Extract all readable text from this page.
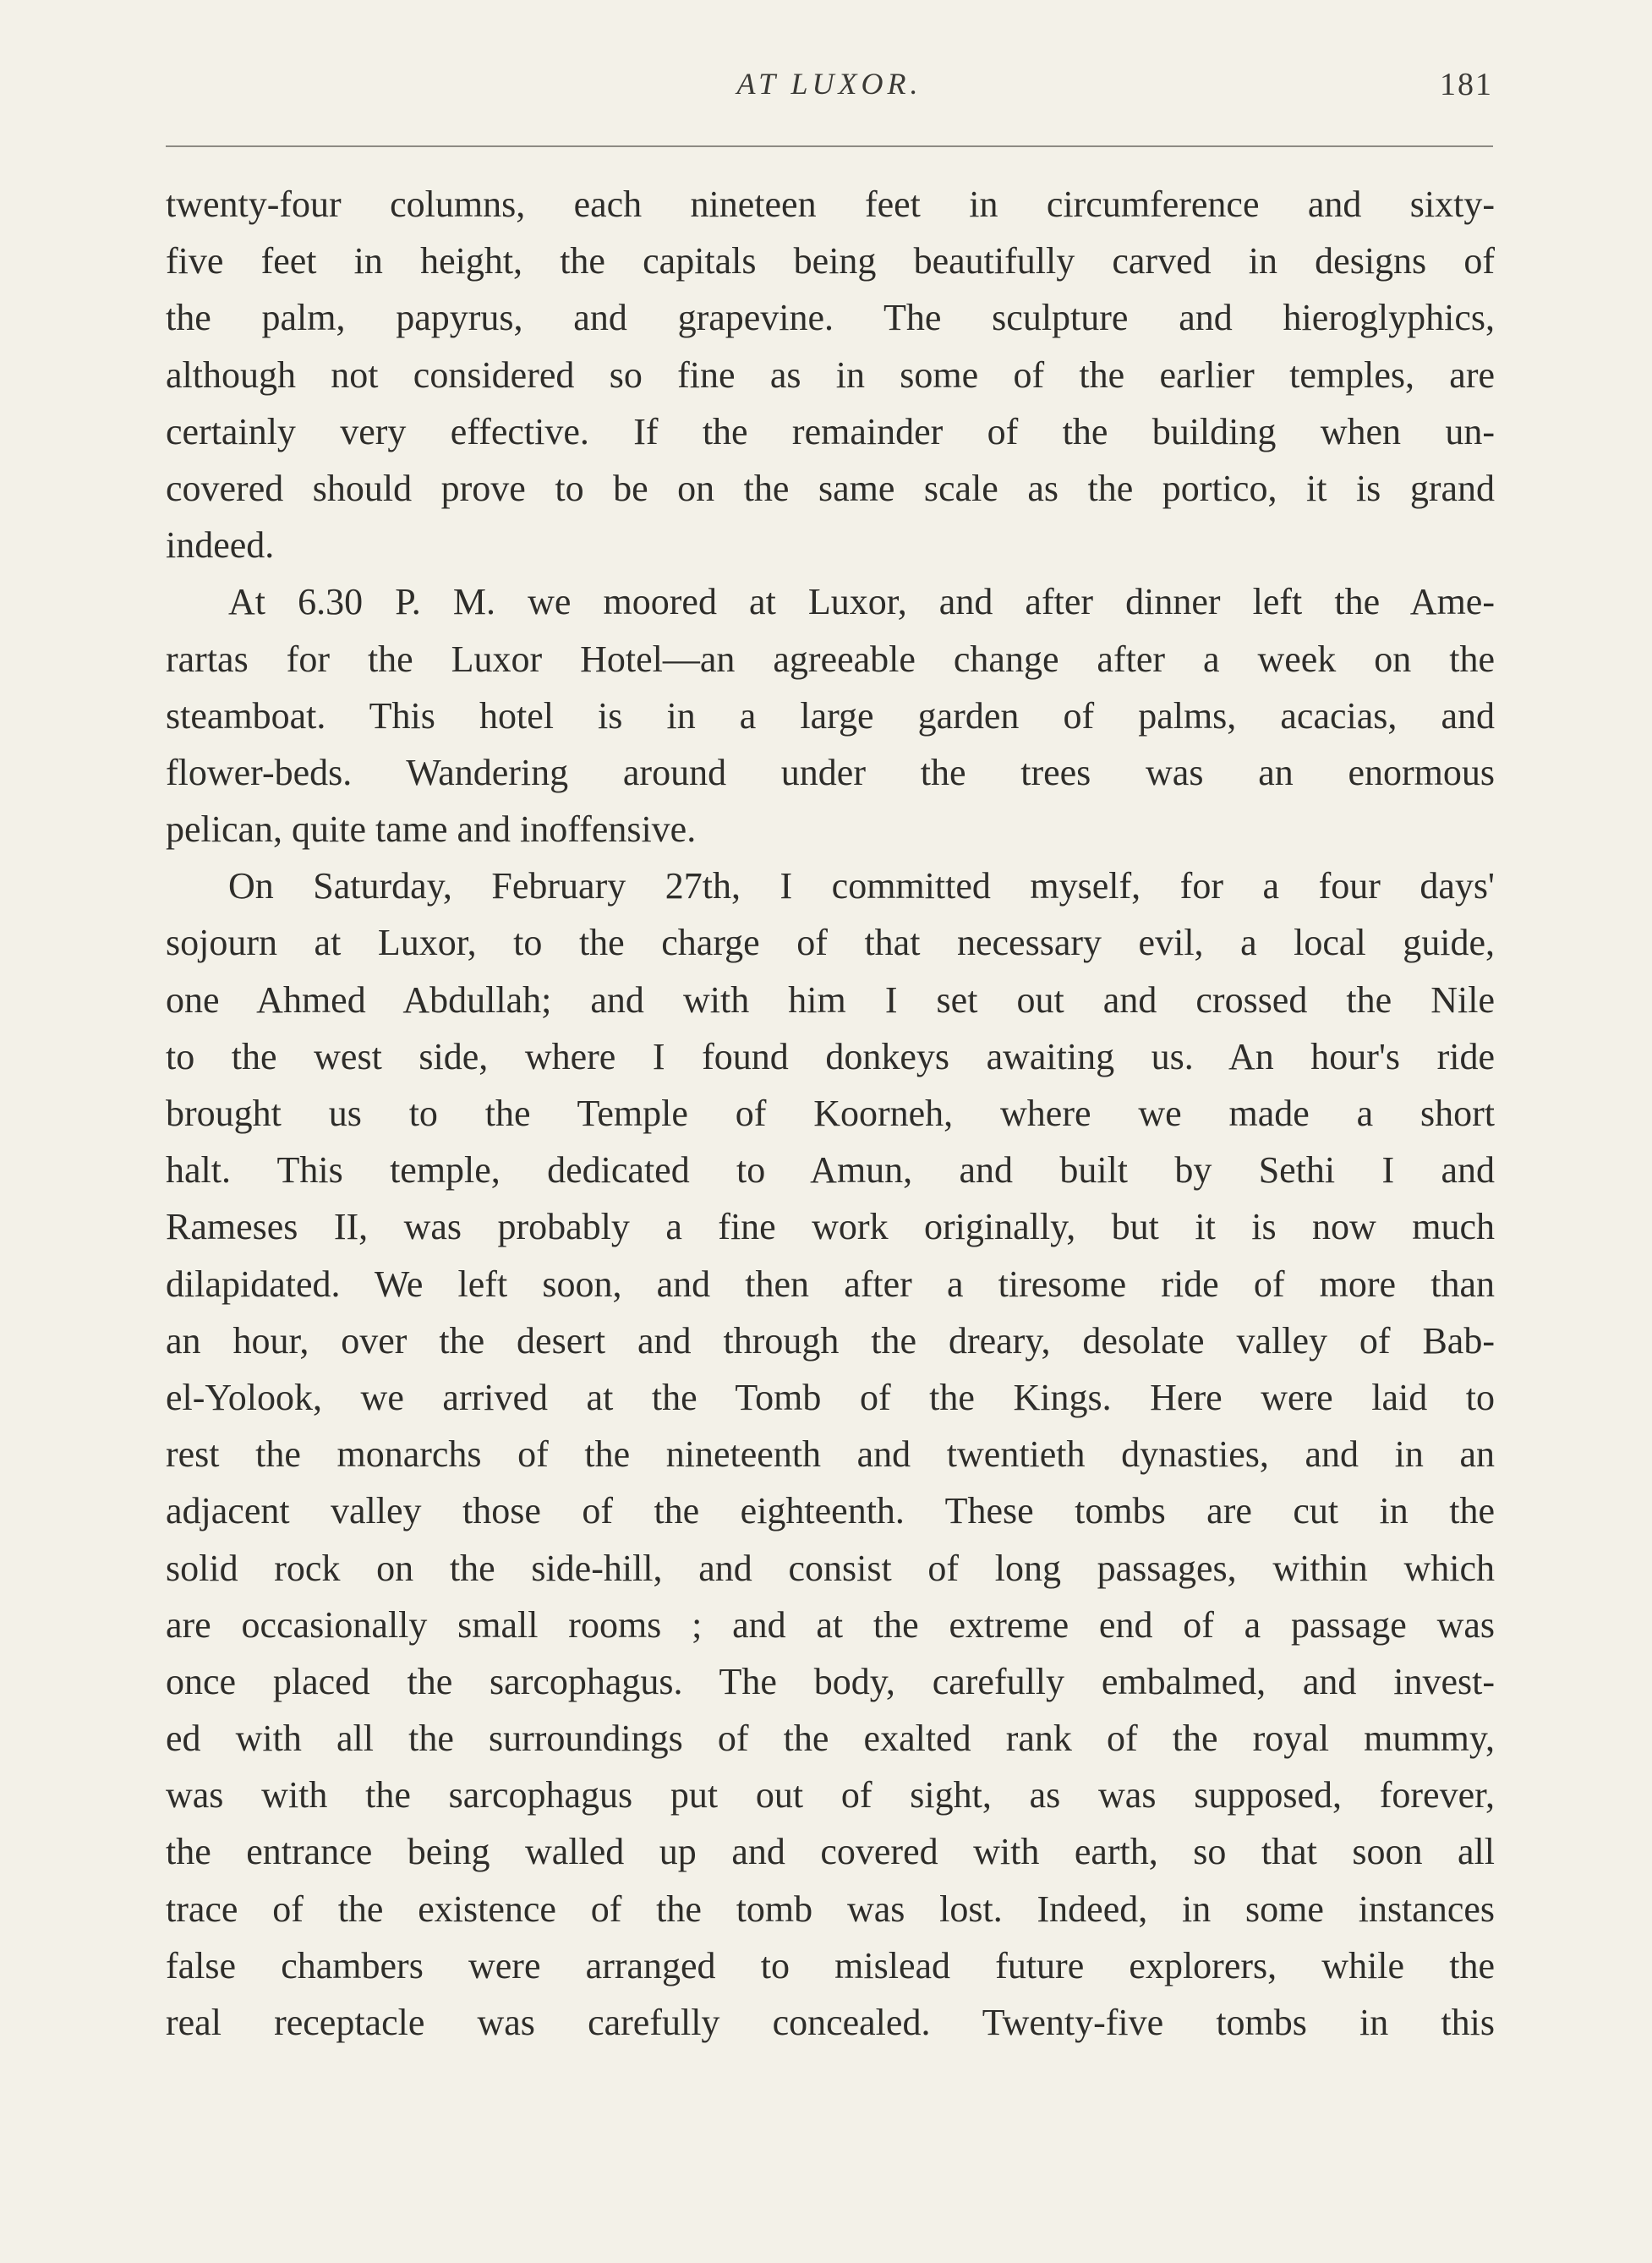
AT LUXOR.	181
twenty-four columns, each nineteen feet in circumference and sixty-
five feet in height, the capitals being beautifully carved in designs of
the palm, papyrus, and grapevine. The sculpture and hieroglyphics,
although not considered so fine as in some of the earlier temples, are
certainly very effective. If the remainder of the building when un-
covered should prove to be on the same scale as the portico, it is grand
indeed.
At 6.30 P. M. we moored at Luxor, and after dinner left the Ame-
rartas for the Luxor Hotel—an agreeable change after a week on the
steamboat. This hotel is in a large garden of palms, acacias, and
flower-beds. Wandering around under the trees was an enormous
pelican, quite tame and inoffensive.
On Saturday, February 27th, I committed myself, for a four days'
sojourn at Luxor, to the charge of that necessary evil, a local guide,
one Ahmed Abdullah; and with him I set out and crossed the Nile
to the west side, where I found donkeys awaiting us. An hour's ride
brought us to the Temple of Koorneh, where we made a short
halt. This temple, dedicated to Amun, and built by Sethi I and
Rameses II, was probably a fine work originally, but it is now much
dilapidated. We left soon, and then after a tiresome ride of more than
an hour, over the desert and through the dreary, desolate valley of Bab-
el-Yolook, we arrived at the Tomb of the Kings. Here were laid to
rest the monarchs of the nineteenth and twentieth dynasties, and in an
adjacent valley those of the eighteenth. These tombs are cut in the
solid rock on the side-hill, and consist of long passages, within which
are occasionally small rooms ; and at the extreme end of a passage was
once placed the sarcophagus. The body, carefully embalmed, and invest-
ed with all the surroundings of the exalted rank of the royal mummy,
was with the sarcophagus put out of sight, as was supposed, forever,
the entrance being walled up and covered with earth, so that soon all
trace of the existence of the tomb was lost. Indeed, in some instances
false chambers were arranged to mislead future explorers, while the
real receptacle was carefully concealed. Twenty-five tombs in this
